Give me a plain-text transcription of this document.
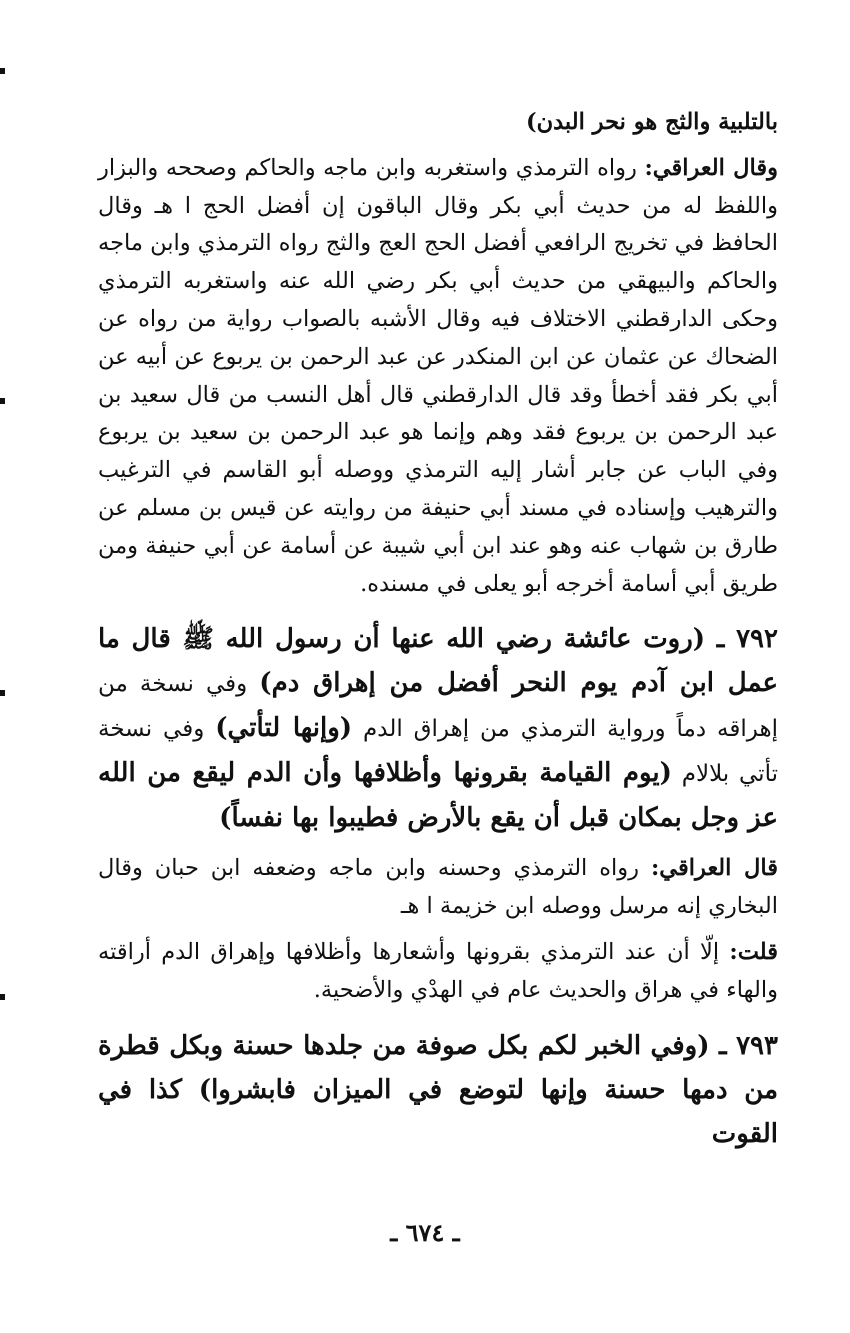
بالتلبية والثج هو نحر البدن)

وقال العراقي: رواه الترمذي واستغربه وابن ماجه والحاكم وصححه والبزار واللفظ له من حديث أبي بكر وقال الباقون إن أفضل الحج ا هـ وقال الحافظ في تخريج الرافعي أفضل الحج العج والثج رواه الترمذي وابن ماجه والحاكم والبيهقي من حديث أبي بكر رضي الله عنه واستغربه الترمذي وحكى الدارقطني الاختلاف فيه وقال الأشبه بالصواب رواية من رواه عن الضحاك عن عثمان عن ابن المنكدر عن عبد الرحمن بن يربوع عن أبيه عن أبي بكر فقد أخطأ وقد قال الدارقطني قال أهل النسب من قال سعيد بن عبد الرحمن بن يربوع فقد وهم وإنما هو عبد الرحمن بن سعيد بن يربوع وفي الباب عن جابر أشار إليه الترمذي ووصله أبو القاسم في الترغيب والترهيب وإسناده في مسند أبي حنيفة من روايته عن قيس بن مسلم عن طارق بن شهاب عنه وهو عند ابن أبي شيبة عن أسامة عن أبي حنيفة ومن طريق أبي أسامة أخرجه أبو يعلى في مسنده.

٧٩٢ ـ (روت عائشة رضي الله عنها أن رسول الله ﷺ قال ما عمل ابن آدم يوم النحر أفضل من إهراق دم) وفي نسخة من إهراقه دماً ورواية الترمذي من إهراق الدم (وإنها لتأتي) وفي نسخة تأتي بلالام (يوم القيامة بقرونها وأظلافها وأن الدم ليقع من الله عز وجل بمكان قبل أن يقع بالأرض فطيبوا بها نفساً)

قال العراقي: رواه الترمذي وحسنه وابن ماجه وضعفه ابن حبان وقال البخاري إنه مرسل ووصله ابن خزيمة ا هـ

قلت: إلّا أن عند الترمذي بقرونها وأشعارها وأظلافها وإهراق الدم أراقته والهاء في هراق والحديث عام في الهدْي والأضحية.

٧٩٣ ـ (وفي الخبر لكم بكل صوفة من جلدها حسنة وبكل قطرة من دمها حسنة وإنها لتوضع في الميزان فابشروا) كذا في القوت

ـ ٦٧٤ ـ
